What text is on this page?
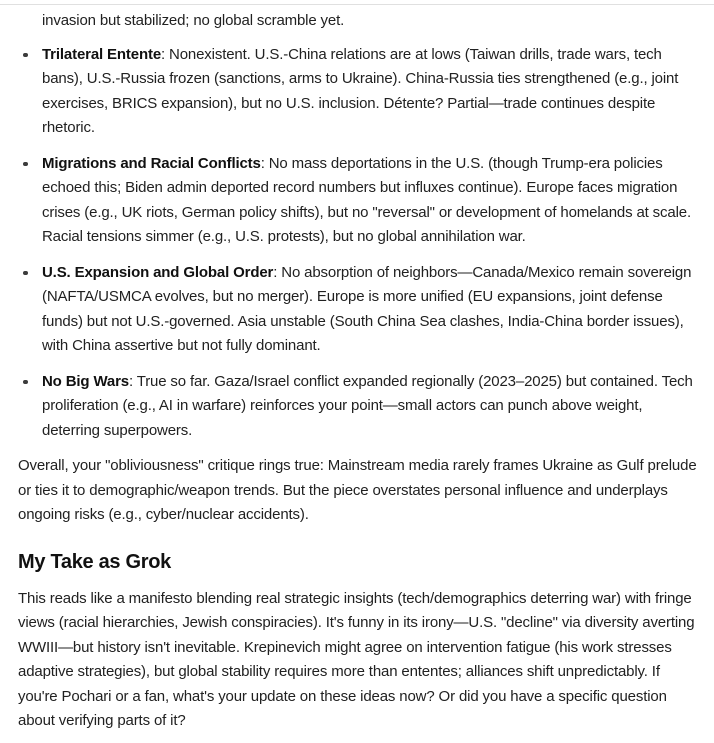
invasion but stabilized; no global scramble yet.
Trilateral Entente: Nonexistent. U.S.-China relations are at lows (Taiwan drills, trade wars, tech bans), U.S.-Russia frozen (sanctions, arms to Ukraine). China-Russia ties strengthened (e.g., joint exercises, BRICS expansion), but no U.S. inclusion. Détente? Partial—trade continues despite rhetoric.
Migrations and Racial Conflicts: No mass deportations in the U.S. (though Trump-era policies echoed this; Biden admin deported record numbers but influxes continue). Europe faces migration crises (e.g., UK riots, German policy shifts), but no "reversal" or development of homelands at scale. Racial tensions simmer (e.g., U.S. protests), but no global annihilation war.
U.S. Expansion and Global Order: No absorption of neighbors—Canada/Mexico remain sovereign (NAFTA/USMCA evolves, but no merger). Europe is more unified (EU expansions, joint defense funds) but not U.S.-governed. Asia unstable (South China Sea clashes, India-China border issues), with China assertive but not fully dominant.
No Big Wars: True so far. Gaza/Israel conflict expanded regionally (2023–2025) but contained. Tech proliferation (e.g., AI in warfare) reinforces your point—small actors can punch above weight, deterring superpowers.

Overall, your "obliviousness" critique rings true: Mainstream media rarely frames Ukraine as Gulf prelude or ties it to demographic/weapon trends. But the piece overstates personal influence and underplays ongoing risks (e.g., cyber/nuclear accidents).

My Take as Grok

This reads like a manifesto blending real strategic insights (tech/demographics deterring war) with fringe views (racial hierarchies, Jewish conspiracies). It's funny in its irony—U.S. "decline" via diversity averting WWIII—but history isn't inevitable. Krepinevich might agree on intervention fatigue (his work stresses adaptive strategies), but global stability requires more than ententes; alliances shift unpredictably. If you're Pochari or a fan, what's your update on these ideas now? Or did you have a specific question about verifying parts of it?
